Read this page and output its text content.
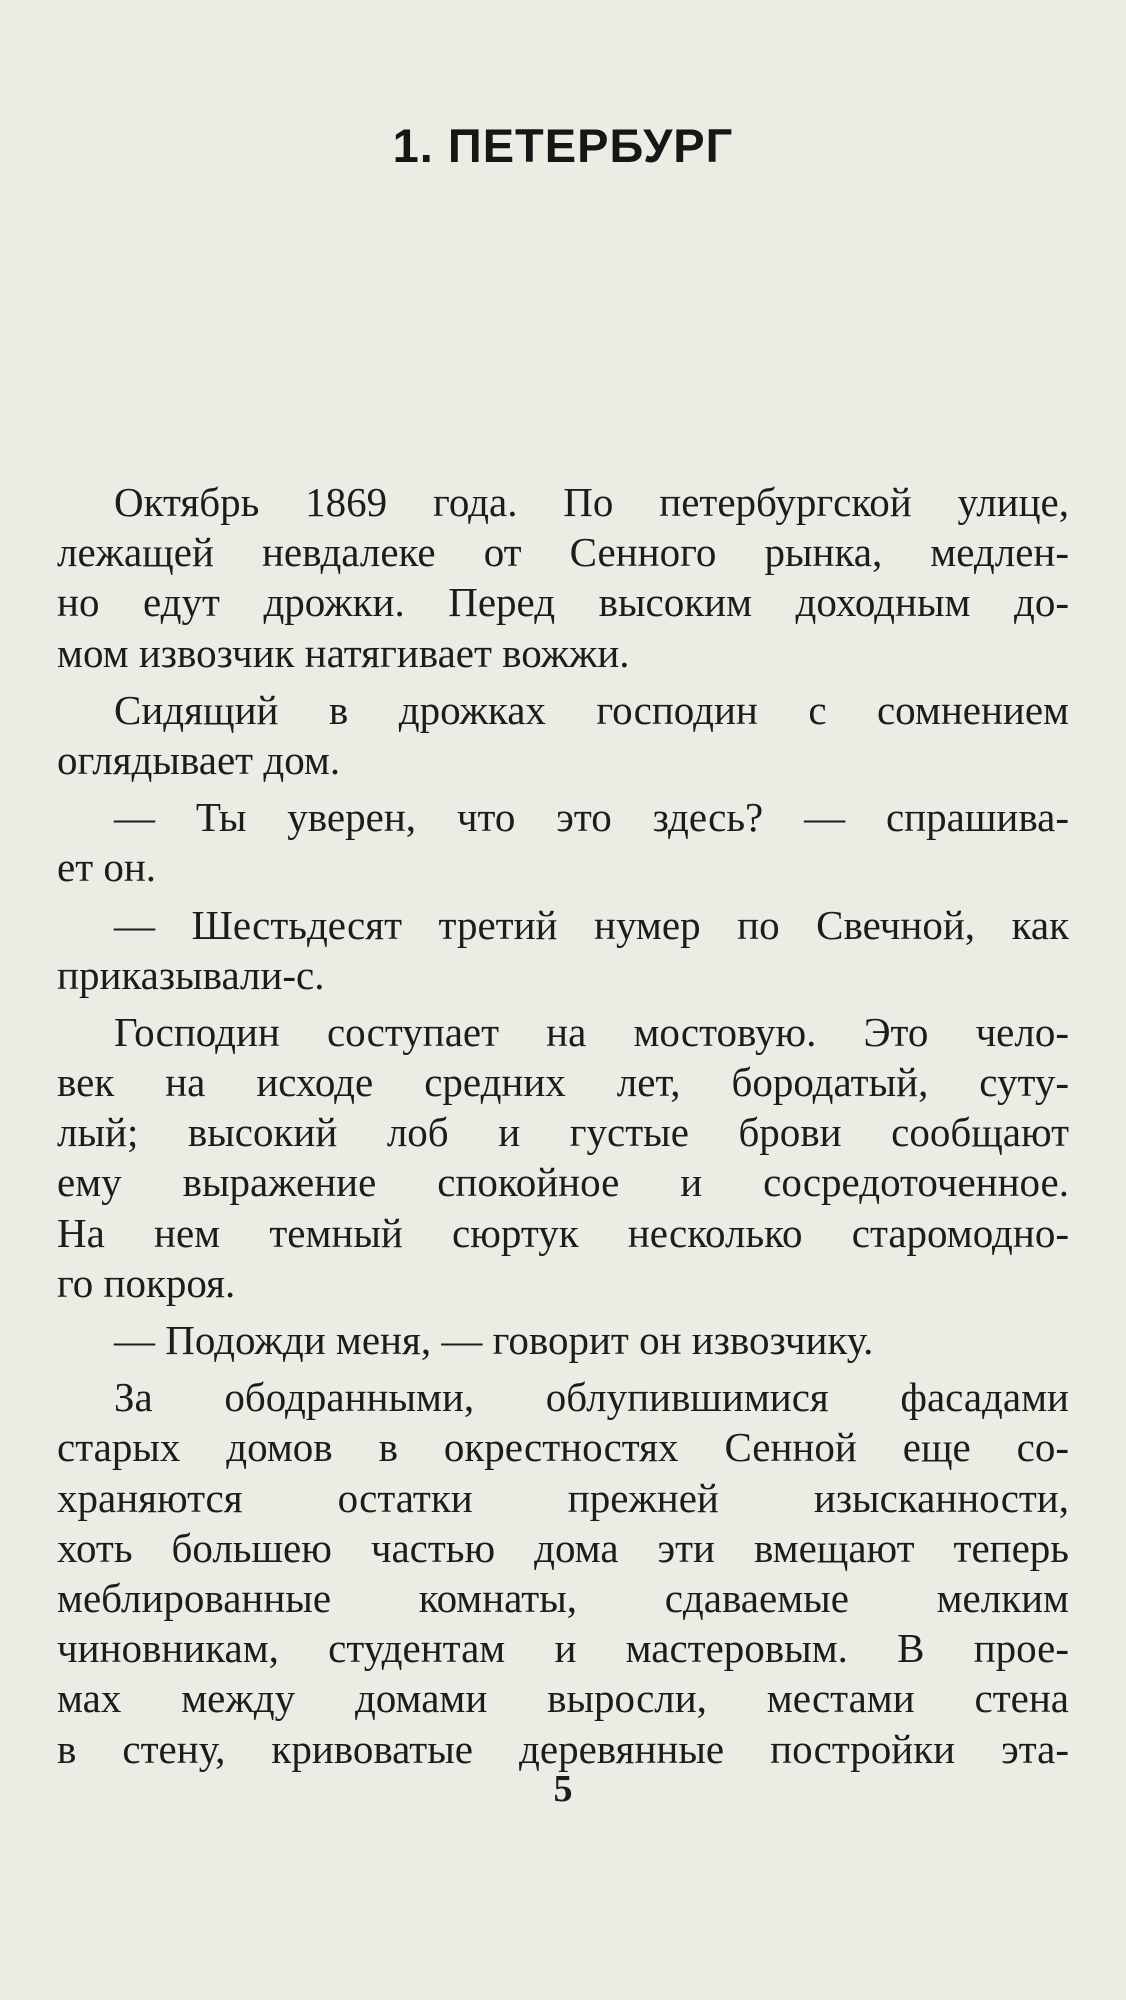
1. ПЕТЕРБУРГ
Октябрь 1869 года. По петербургской улице,
лежащей невдалеке от Сенного рынка, медлен-
но едут дрожки. Перед высоким доходным до-
мом извозчик натягивает вожжи.
Сидящий в дрожках господин с сомнением
оглядывает дом.
— Ты уверен, что это здесь? — спрашива-
ет он.
— Шестьдесят третий нумер по Свечной, как
приказывали-с.
Господин соступает на мостовую. Это чело-
век на исходе средних лет, бородатый, суту-
лый; высокий лоб и густые брови сообщают
ему выражение спокойное и сосредоточенное.
На нем темный сюртук несколько старомодно-
го покроя.
— Подожди меня, — говорит он извозчику.
За ободранными, облупившимися фасадами
старых домов в окрестностях Сенной еще со-
храняются остатки прежней изысканности,
хоть большею частью дома эти вмещают теперь
меблированные комнаты, сдаваемые мелким
чиновникам, студентам и мастеровым. В прое-
мах между домами выросли, местами стена
в стену, кривоватые деревянные постройки эта-
5
